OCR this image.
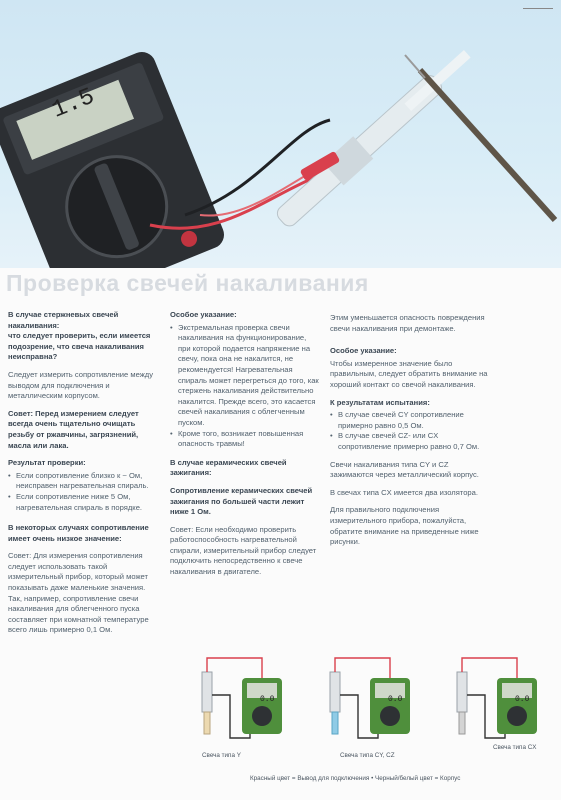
1.5
Проверка свечей накаливания

В случае стержневых свечей накаливания:
что следует проверить, если имеется подозрение, что свеча накаливания неисправна?

Следует измерить сопротивление между выводом для подключения и металлическим корпусом.

Совет: Перед измерением следует всегда очень тщательно очищать резьбу от ржавчины, загрязнений, масла или лака.

Результат проверки:

• Если сопротивление близко к ~ Ом, неисправен нагревательная спираль.
• Если сопротивление ниже 5 Ом, нагревательная спираль в порядке.

В некоторых случаях сопротивление имеет очень низкое значение:

Совет: Для измерения сопротивления следует использовать такой измерительный прибор, который может показывать даже маленькие значения. Так, например, сопротивление свечи накаливания для облегченного пуска составляет при комнатной температуре всего лишь примерно 0,1 Ом.

Особое указание:

• Экстремальная проверка свечи накаливания на функционирование, при которой подается напряжение на свечу, пока она не накалится, не рекомендуется! Нагревательная спираль может перегреться до того, как стержень накаливания действительно накалится. Прежде всего, это касается свечей накаливания с облегченным пуском.
• Кроме того, возникает повышенная опасность травмы!

В случае керамических свечей зажигания:

Сопротивление керамических свечей зажигания по большей части лежит ниже 1 Ом.

Совет: Если необходимо проверить работоспособность нагревательной спирали, измерительный прибор следует подключить непосредственно к свече накаливания в двигателе.

Этим уменьшается опасность повреждения свечи накаливания при демонтаже.

Особое указание:

Чтобы измеренное значение было правильным, следует обратить внимание на хороший контакт со свечой накаливания.

К результатам испытания:

• В случае свечей CY сопротивление примерно равно 0,5 Ом.
• В случае свечей CZ- или CX сопротивление примерно равно 0,7 Ом.

Свечи накаливания типа CY и CZ зажимаются через металлический корпус.

В свечах типа CX имеется два изолятора.

Для правильного подключения измерительного прибора, пожалуйста, обратите внимание на приведенные ниже рисунки.

0.0
Свеча типа Y
0.0
Свеча типа CY, CZ
0.0
Свеча типа CX
Красный цвет = Вывод для подключения • Черный/белый цвет = Корпус
